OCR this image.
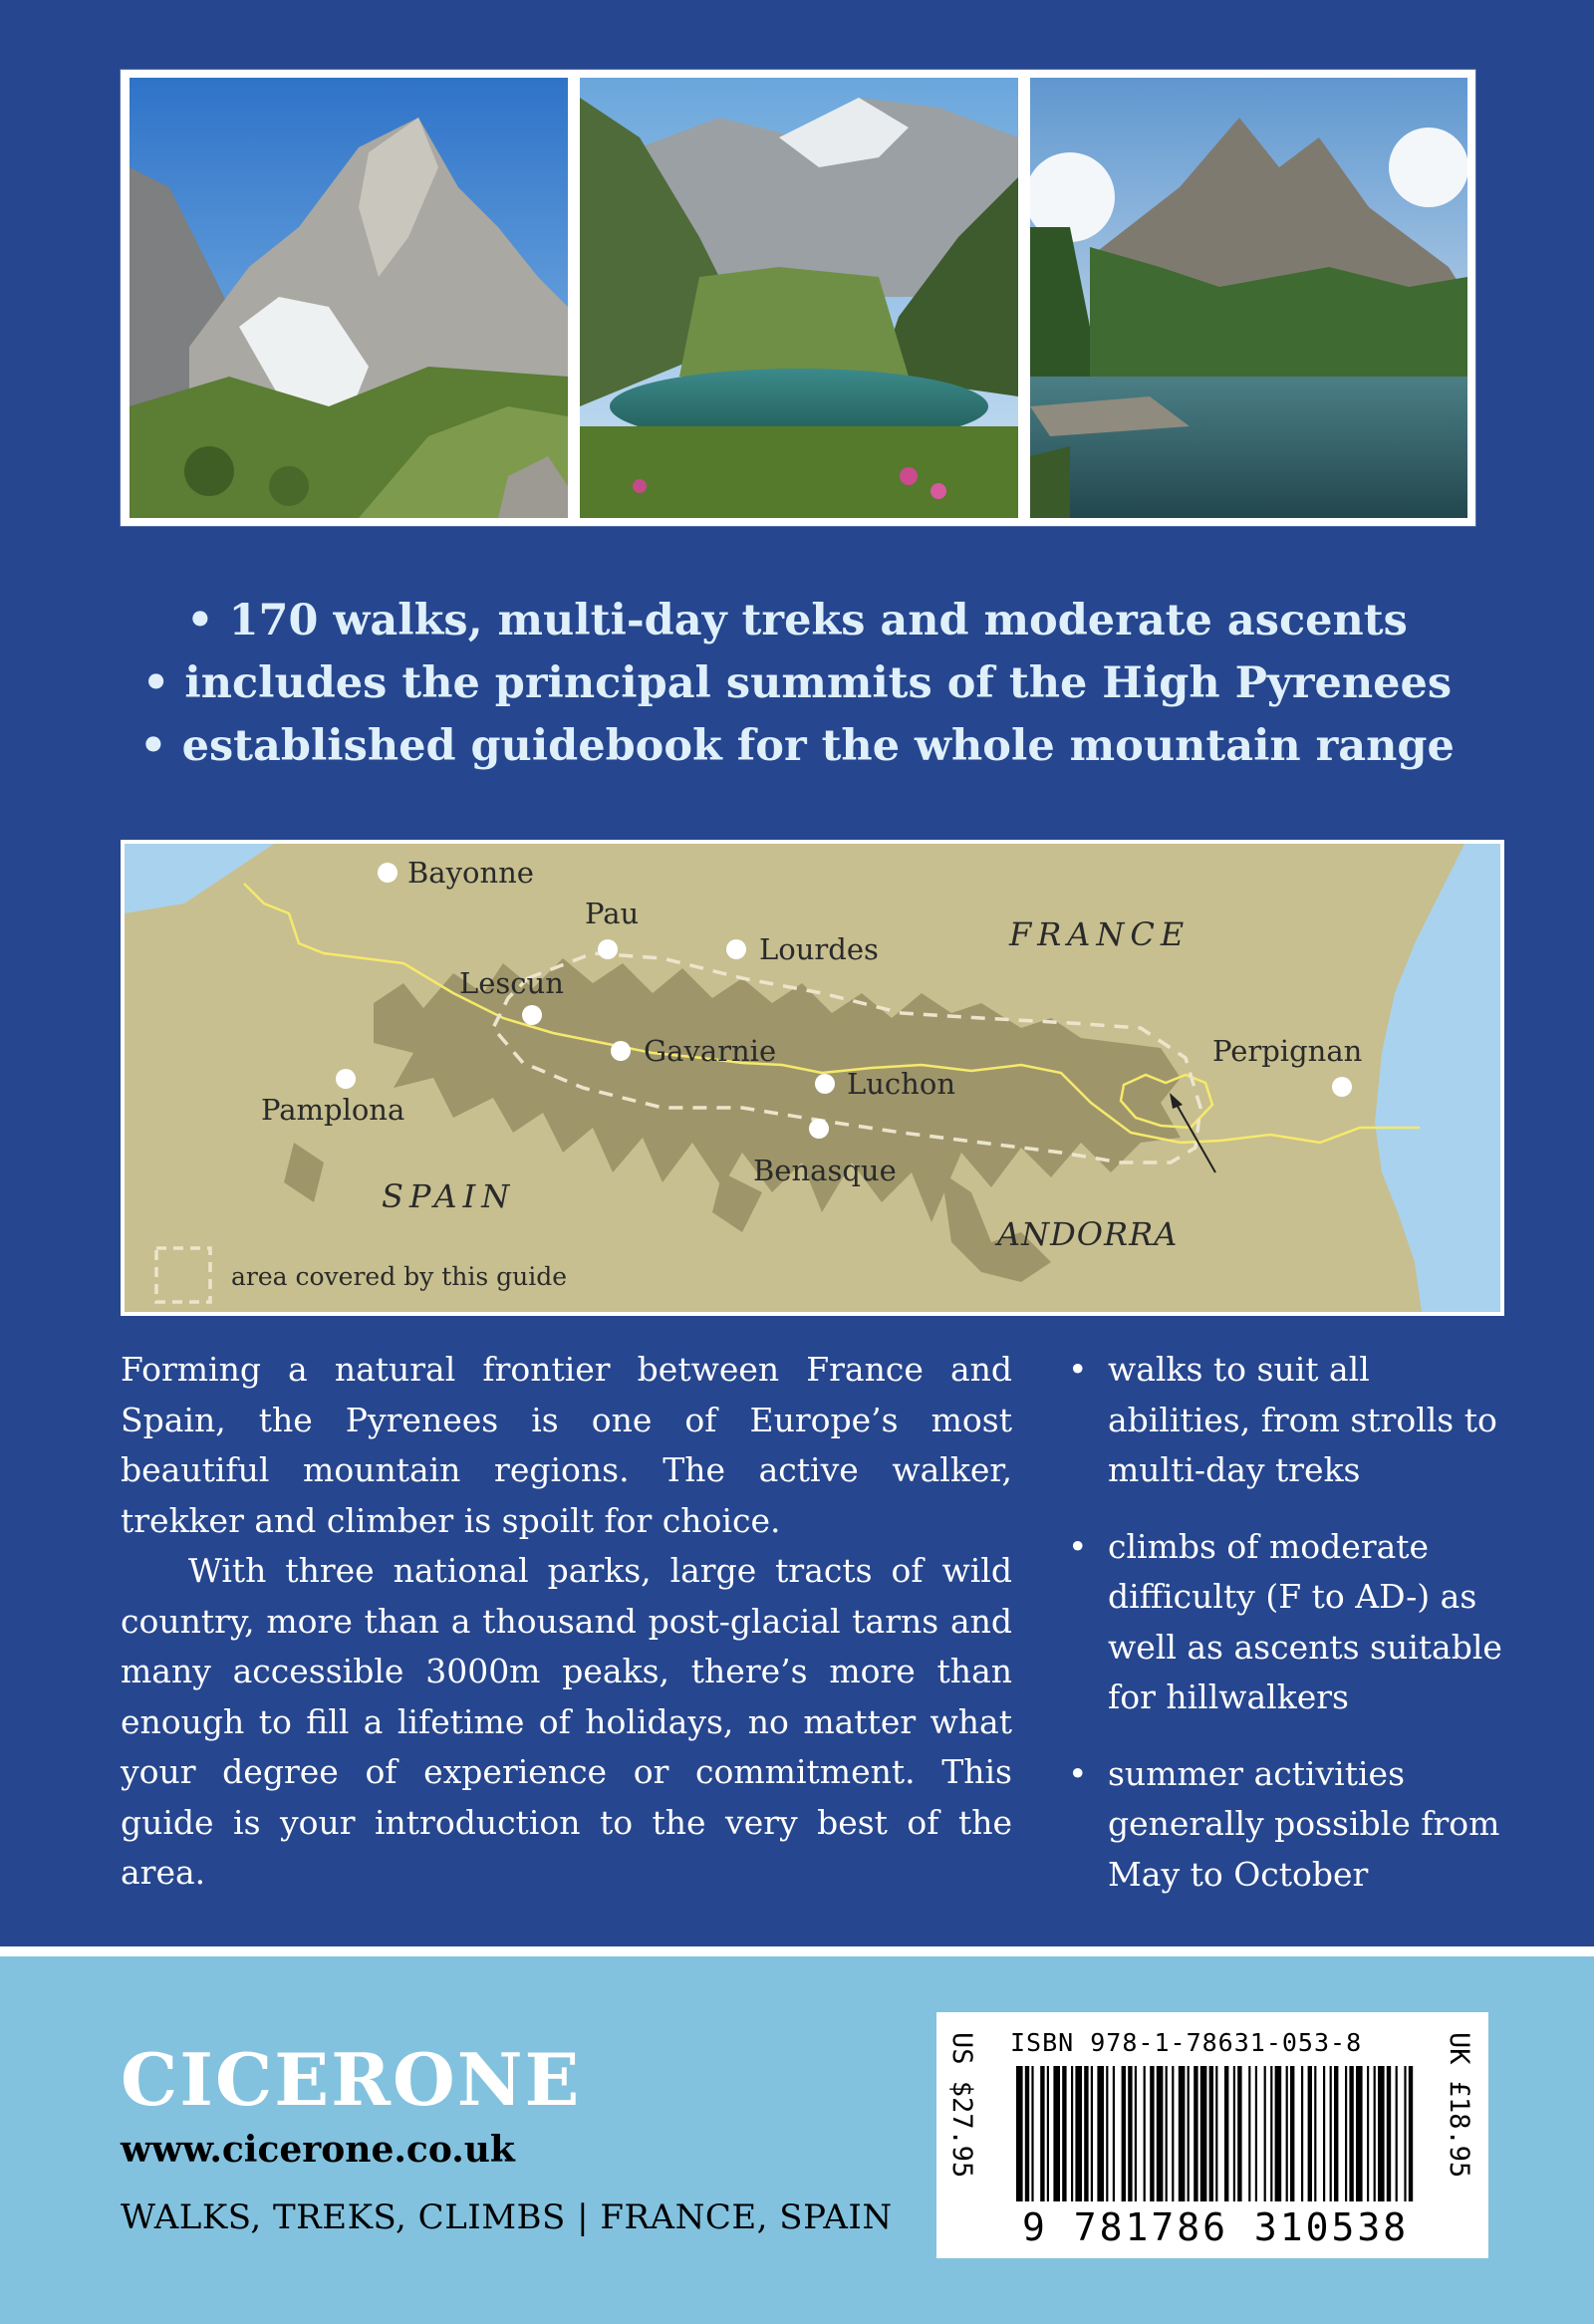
• 170 walks, multi-day treks and moderate ascents
• includes the principal summits of the High Pyrenees
• established guidebook for the whole mountain range
Bayonne
Pau
Lourdes
Lescun
Gavarnie
Luchon
Benasque
Pamplona
Perpignan
FRANCE
SPAIN
ANDORRA
area covered by this guide

Forming a natural frontier between France and Spain, the Pyrenees is one of Europe’s most beautiful mountain regions. The active walker, trekker and climber is spoilt for choice.

With three national parks, large tracts of wild country, more than a thousand post-glacial tarns and many accessible 3000m peaks, there’s more than enough to fill a lifetime of holidays, no matter what your degree of experience or commitment. This guide is your introduction to the very best of the area.

• walks to suit all abilities, from strolls to multi-day treks
• climbs of moderate difficulty (F to AD-) as well as ascents suitable for hillwalkers
• summer activities generally possible from May to October
CICERONE
www.cicerone.co.uk
WALKS, TREKS, CLIMBS | FRANCE, SPAIN
US $27.95 ISBN 978-1-78631-053-8
9 781786 310538
UK £18.95
